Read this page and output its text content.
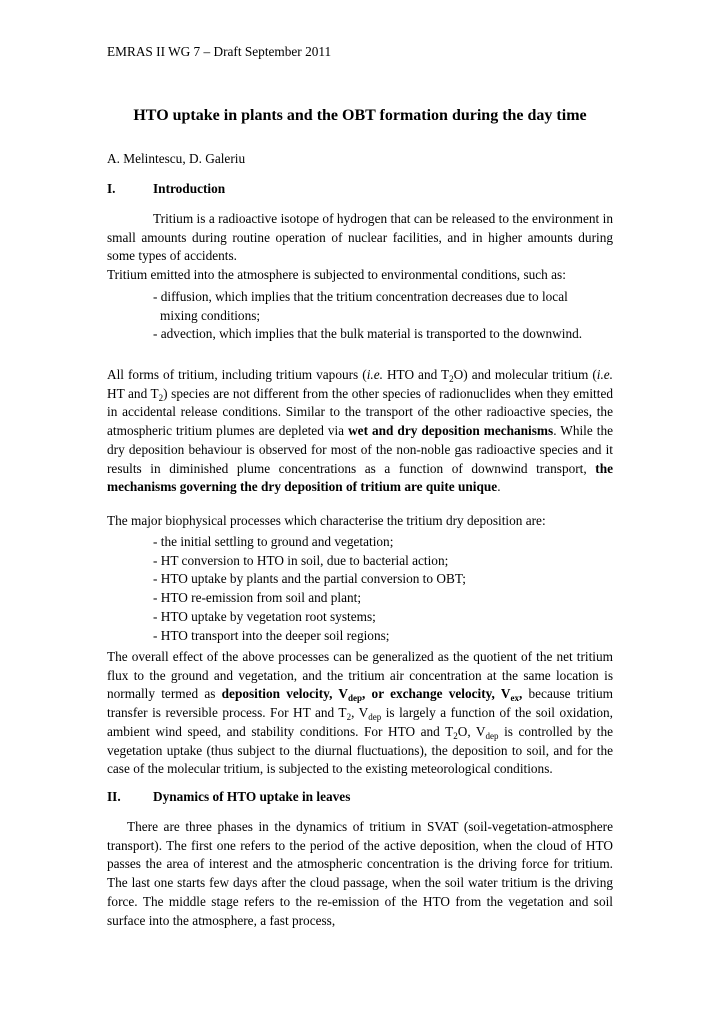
EMRAS II WG 7 – Draft September 2011
HTO uptake in plants and the OBT formation during the day time
A. Melintescu, D. Galeriu
I.	Introduction
Tritium is a radioactive isotope of hydrogen that can be released to the environment in small amounts during routine operation of nuclear facilities, and in higher amounts during some types of accidents.
Tritium emitted into the atmosphere is subjected to environmental conditions, such as:
- diffusion, which implies that the tritium concentration decreases due to local
mixing conditions;
- advection, which implies that the bulk material is transported to the downwind.
All forms of tritium, including tritium vapours (i.e. HTO and $T_2O$) and molecular tritium (i.e. HT and $T_2$) species are not different from the other species of radionuclides when they emitted in accidental release conditions. Similar to the transport of the other radioactive species, the atmospheric tritium plumes are depleted via wet and dry deposition mechanisms. While the dry deposition behaviour is observed for most of the non-noble gas radioactive species and it results in diminished plume concentrations as a function of downwind transport, the mechanisms governing the dry deposition of tritium are quite unique.
The major biophysical processes which characterise the tritium dry deposition are:
- the initial settling to ground and vegetation;
- HT conversion to HTO in soil, due to bacterial action;
- HTO uptake by plants and the partial conversion to OBT;
- HTO re-emission from soil and plant;
- HTO uptake by vegetation root systems;
- HTO transport into the deeper soil regions;
The overall effect of the above processes can be generalized as the quotient of the net tritium flux to the ground and vegetation, and the tritium air concentration at the same location is normally termed as deposition velocity, $V_{dep}$, or exchange velocity, $V_{ex}$, because tritium transfer is reversible process. For HT and $T_2$, $V_{dep}$ is largely a function of the soil oxidation, ambient wind speed, and stability conditions. For HTO and $T_2O$, $V_{dep}$ is controlled by the vegetation uptake (thus subject to the diurnal fluctuations), the deposition to soil, and for the case of the molecular tritium, is subjected to the existing meteorological conditions.
II. Dynamics of HTO uptake in leaves
There are three phases in the dynamics of tritium in SVAT (soil-vegetation-atmosphere transport). The first one refers to the period of the active deposition, when the cloud of HTO passes the area of interest and the atmospheric concentration is the driving force for tritium. The last one starts few days after the cloud passage, when the soil water tritium is the driving force. The middle stage refers to the re-emission of the HTO from the vegetation and soil surface into the atmosphere, a fast process,
